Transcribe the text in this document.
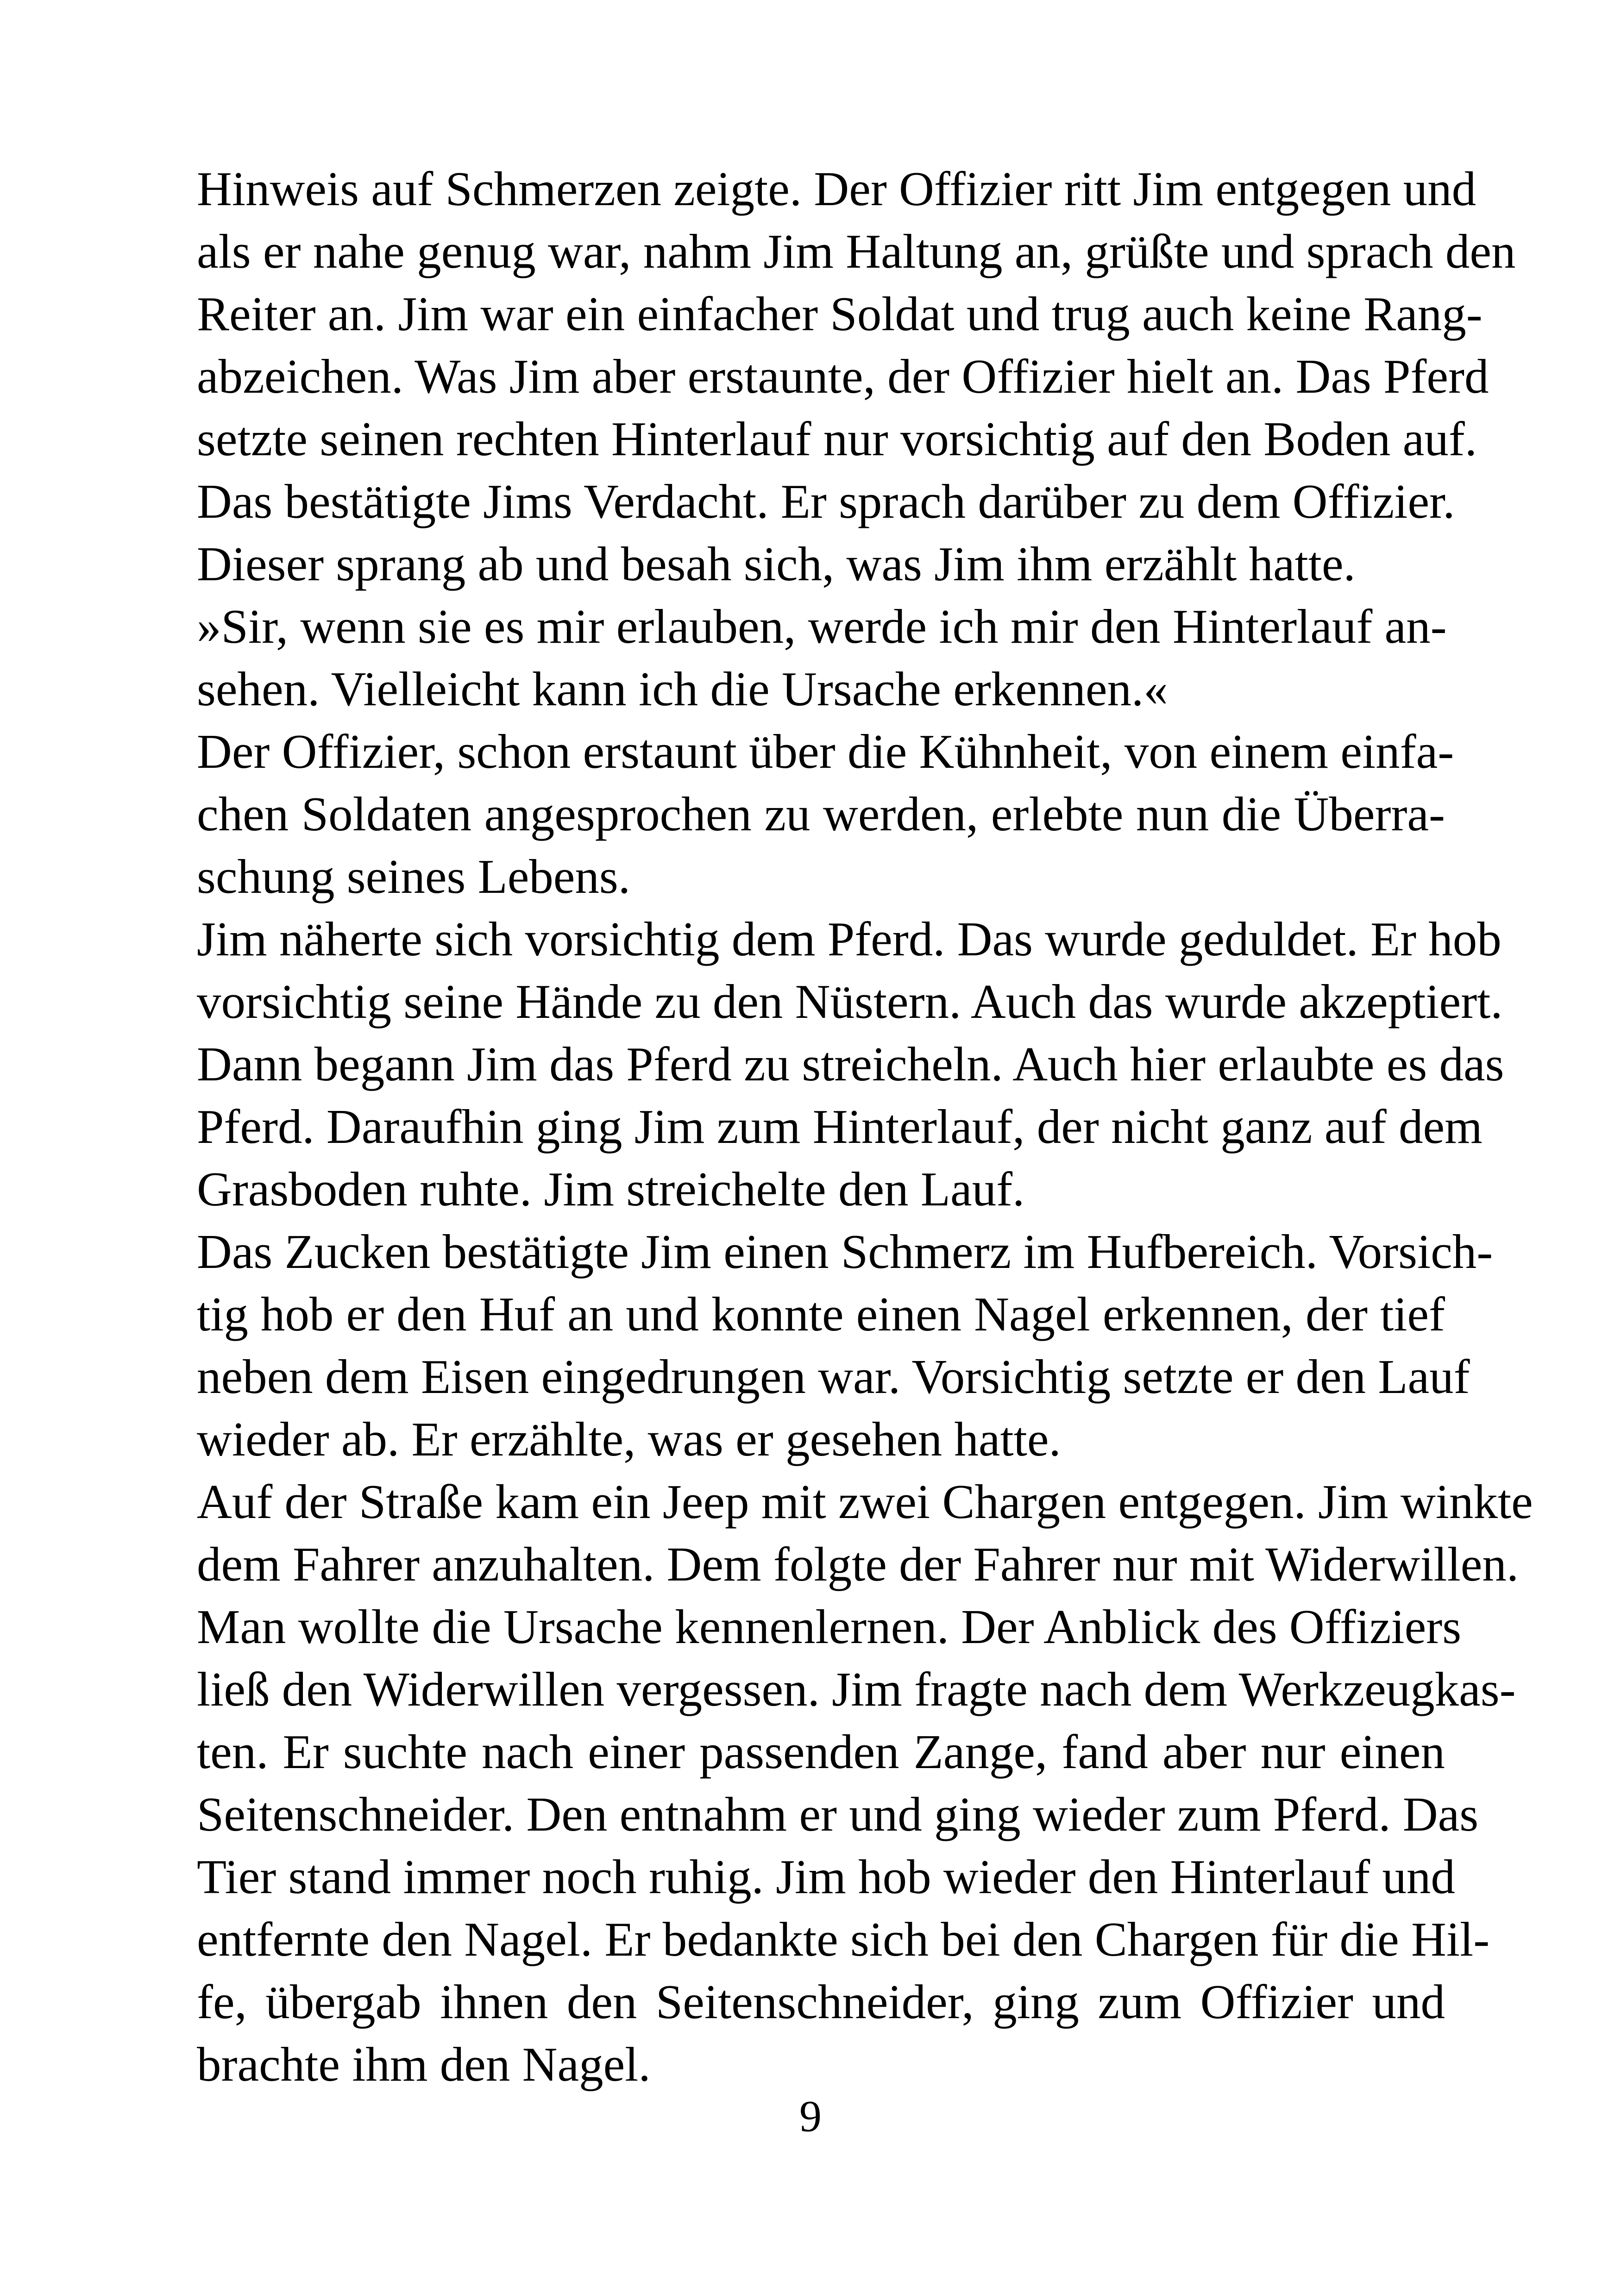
Hinweis auf Schmerzen zeigte. Der Offizier ritt Jim entgegen und
als er nahe genug war, nahm Jim Haltung an, grüßte und sprach den
Reiter an. Jim war ein einfacher Soldat und trug auch keine Rang-
abzeichen. Was Jim aber erstaunte, der Offizier hielt an. Das Pferd
setzte seinen rechten Hinterlauf nur vorsichtig auf den Boden auf.
Das bestätigte Jims Verdacht. Er sprach darüber zu dem Offizier.
Dieser sprang ab und besah sich, was Jim ihm erzählt hatte.
»Sir, wenn sie es mir erlauben, werde ich mir den Hinterlauf an-
sehen. Vielleicht kann ich die Ursache erkennen.«
Der Offizier, schon erstaunt über die Kühnheit, von einem einfa-
chen Soldaten angesprochen zu werden, erlebte nun die Überra-
schung seines Lebens.
Jim näherte sich vorsichtig dem Pferd. Das wurde geduldet. Er hob
vorsichtig seine Hände zu den Nüstern. Auch das wurde akzeptiert.
Dann begann Jim das Pferd zu streicheln. Auch hier erlaubte es das
Pferd. Daraufhin ging Jim zum Hinterlauf, der nicht ganz auf dem
Grasboden ruhte. Jim streichelte den Lauf.
Das Zucken bestätigte Jim einen Schmerz im Hufbereich. Vorsich-
tig hob er den Huf an und konnte einen Nagel erkennen, der tief
neben dem Eisen eingedrungen war. Vorsichtig setzte er den Lauf
wieder ab. Er erzählte, was er gesehen hatte.
Auf der Straße kam ein Jeep mit zwei Chargen entgegen. Jim winkte
dem Fahrer anzuhalten. Dem folgte der Fahrer nur mit Widerwillen.
Man wollte die Ursache kennenlernen. Der Anblick des Offiziers
ließ den Widerwillen vergessen. Jim fragte nach dem Werkzeugkas-
ten. Er suchte nach einer passenden Zange, fand aber nur einen
Seitenschneider. Den entnahm er und ging wieder zum Pferd. Das
Tier stand immer noch ruhig. Jim hob wieder den Hinterlauf und
entfernte den Nagel. Er bedankte sich bei den Chargen für die Hil-
fe, übergab ihnen den Seitenschneider, ging zum Offizier und
brachte ihm den Nagel.
9
